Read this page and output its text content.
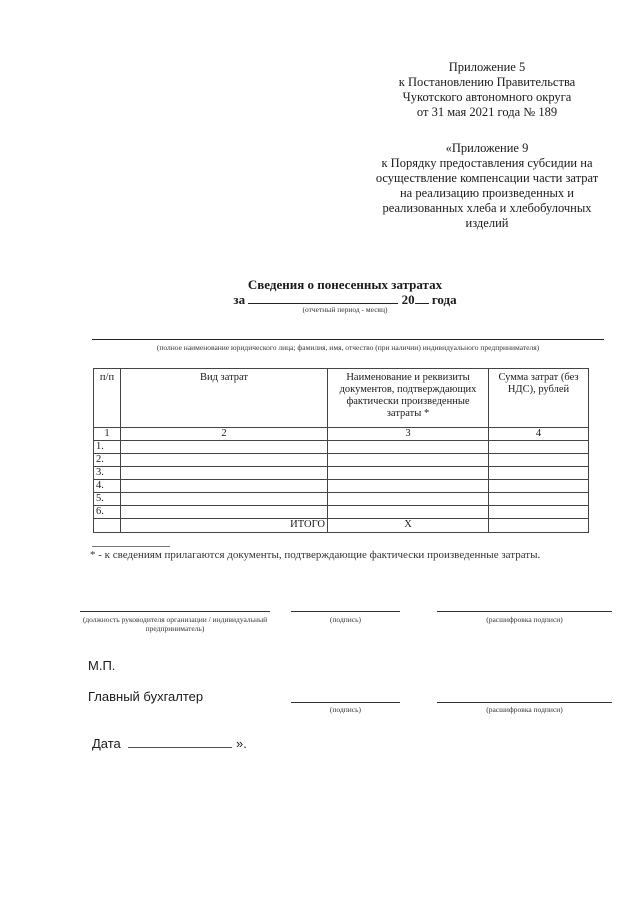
Приложение 5
к Постановлению Правительства
Чукотского автономного округа
от 31 мая 2021 года № 189
«Приложение 9
к Порядку предоставления субсидии на
осуществление компенсации части затрат
на реализацию произведенных и
реализованных хлеба и хлебобулочных
изделий
Сведения о понесенных затратах
за	20 года
(отчетный период - месяц)
(полное наименование юридического лица; фамилия, имя, отчество (при наличии) индивидуального предпринимателя)
п/п	Вид затрат	Наименование и реквизиты документов, подтверждающих фактически произведенные затраты *	Сумма затрат (без НДС), рублей
1	2	3	4
1.			
2.			
3.			
4.			
5.			
6.			
	ИТОГО	Х	
* - к сведениям прилагаются документы, подтверждающие фактически произведенные затраты.
(должность руководителя организации / индивидуальный предприниматель)
(подпись)	(расшифровка подписи)
М.П.
Главный бухгалтер
(подпись)	(расшифровка подписи)
Дата	».
